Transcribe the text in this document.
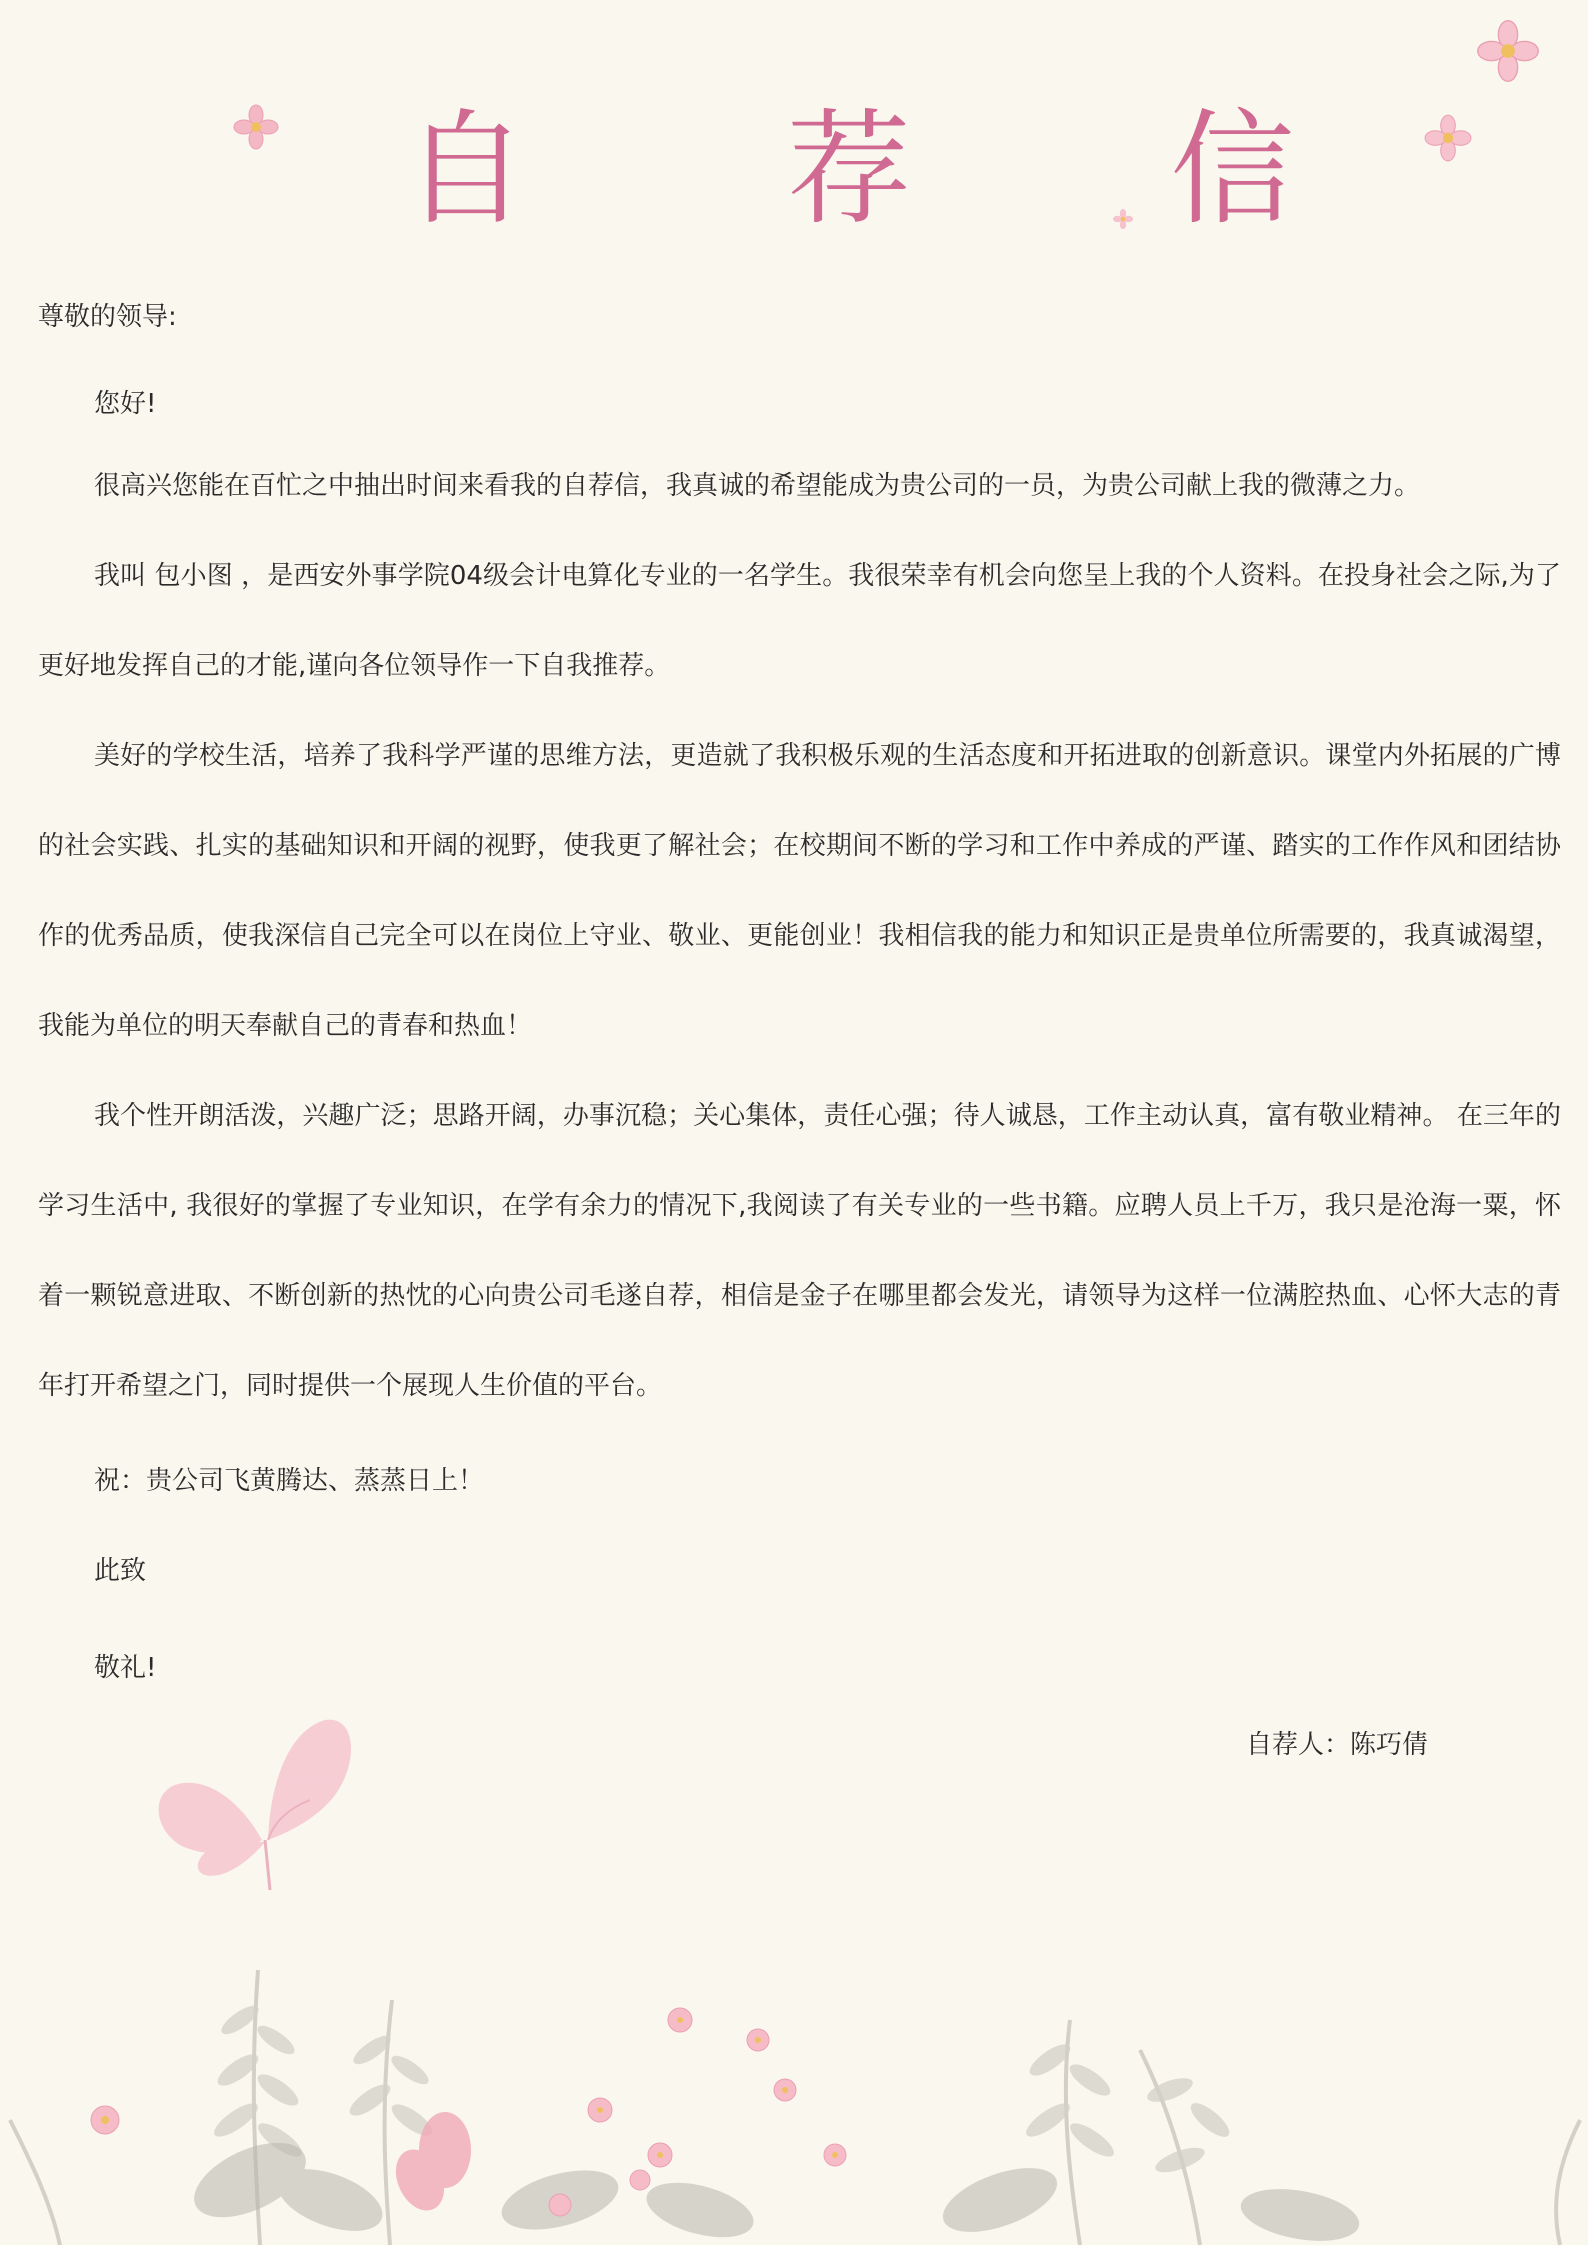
自 荐 信
尊敬的领导:
您好!

很高兴您能在百忙之中抽出时间来看我的自荐信，我真诚的希望能成为贵公司的一员，为贵公司献上我的微薄之力。

我叫 包小图 ，是西安外事学院04级会计电算化专业的一名学生。我很荣幸有机会向您呈上我的个人资料。在投身社会之际,为了更好地发挥自己的才能,谨向各位领导作一下自我推荐。

美好的学校生活，培养了我科学严谨的思维方法，更造就了我积极乐观的生活态度和开拓进取的创新意识。课堂内外拓展的广博的社会实践、扎实的基础知识和开阔的视野，使我更了解社会；在校期间不断的学习和工作中养成的严谨、踏实的工作作风和团结协作的优秀品质，使我深信自己完全可以在岗位上守业、敬业、更能创业！我相信我的能力和知识正是贵单位所需要的，我真诚渴望，我能为单位的明天奉献自己的青春和热血！

我个性开朗活泼，兴趣广泛；思路开阔，办事沉稳；关心集体，责任心强；待人诚恳，工作主动认真，富有敬业精神。 在三年的学习生活中, 我很好的掌握了专业知识，在学有余力的情况下,我阅读了有关专业的一些书籍。应聘人员上千万，我只是沧海一粟，怀着一颗锐意进取、不断创新的热忱的心向贵公司毛遂自荐，相信是金子在哪里都会发光，请领导为这样一位满腔热血、心怀大志的青年打开希望之门，同时提供一个展现人生价值的平台。

祝：贵公司飞黄腾达、蒸蒸日上！
此致
敬礼!
自荐人：陈巧倩
